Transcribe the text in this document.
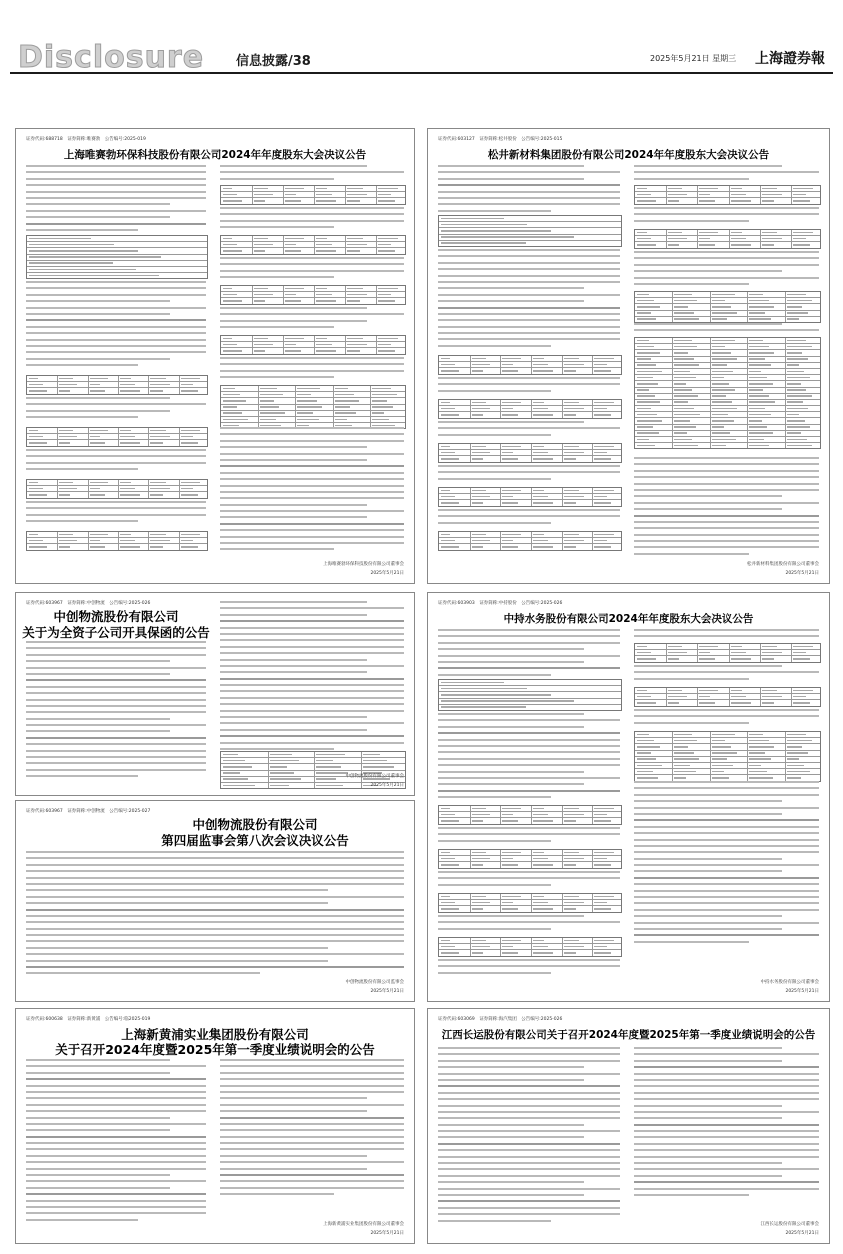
Disclosure 信息披露/38	2025年5月21日 星期三 上海證券報
证券代码:688718　证券简称:唯赛勃　公告编号:2025-019
上海唯赛勃环保科技股份有限公司2024年年度股东大会决议公告
上海唯赛勃环保科技股份有限公司董事会
2025年5月21日
证券代码:603127　证券简称:松井股份　公告编号:2025-015
松井新材料集团股份有限公司2024年年度股东大会决议公告
松井新材料集团股份有限公司董事会
2025年5月21日
证券代码:603967　证券简称:中创物流　公告编号:2025-026
中创物流股份有限公司
关于为全资子公司开具保函的公告
中创物流股份有限公司董事会
2025年5月21日
证券代码:603967　证券简称:中创物流　公告编号:2025-027
中创物流股份有限公司
第四届监事会第八次会议决议公告
中创物流股份有限公司监事会
2025年5月21日
证券代码:603903　证券简称:中持股份　公告编号:2025-026
中持水务股份有限公司2024年年度股东大会决议公告
中持水务股份有限公司董事会
2025年5月21日
证券代码:600638　证券简称:新黄浦　公告编号:临2025-019
上海新黄浦实业集团股份有限公司
关于召开2024年度暨2025年第一季度业绩说明会的公告
上海新黄浦实业集团股份有限公司董事会
2025年5月21日
证券代码:603069　证券简称:海汽集团　公告编号:2025-026
江西长运股份有限公司关于召开2024年度暨2025年第一季度业绩说明会的公告
江西长运股份有限公司董事会
2025年5月21日
